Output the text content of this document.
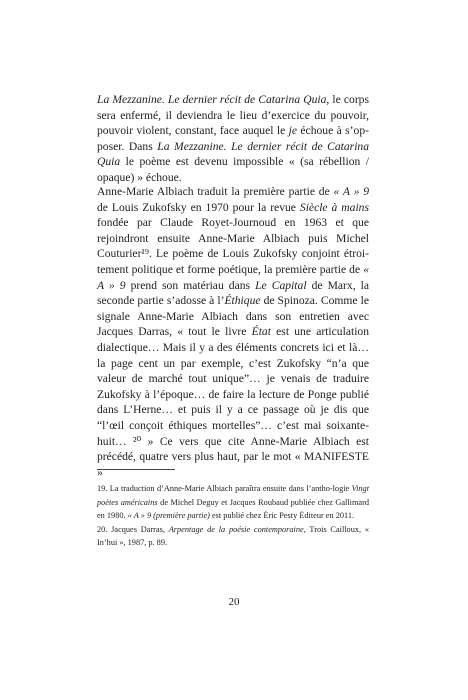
La Mezzanine. Le dernier récit de Catarina Quia, le corps sera enfermé, il deviendra le lieu d’exercice du pouvoir, pouvoir violent, constant, face auquel le je échoue à s’op-poser. Dans La Mezzanine. Le dernier récit de Catarina Quia le poème est devenu impossible « (sa rébellion / opaque) » échoue.
Anne-Marie Albiach traduit la première partie de « A » 9 de Louis Zukofsky en 1970 pour la revue Siècle à mains fondée par Claude Royet-Journoud en 1963 et que rejoindront ensuite Anne-Marie Albiach puis Michel Couturier¹⁹. Le poème de Louis Zukofsky conjoint étroi-tement politique et forme poétique, la première partie de « A » 9 prend son matériau dans Le Capital de Marx, la seconde partie s’adosse à l’Éthique de Spinoza. Comme le signale Anne-Marie Albiach dans son entretien avec Jacques Darras, « tout le livre État est une articulation dialectique… Mais il y a des éléments concrets ici et là… la page cent un par exemple, c’est Zukofsky “n’a que valeur de marché tout unique”… je venais de traduire Zukofsky à l’époque… de faire la lecture de Ponge publié dans L’Herne… et puis il y a ce passage où je dis que “l’œil conçoit éthiques mortelles”… c’est mai soixante-huit… ²⁰ » Ce vers que cite Anne-Marie Albiach est précédé, quatre vers plus haut, par le mot « MANIFESTE »

19. La traduction d’Anne-Marie Albiach paraîtra ensuite dans l’antho-logie Vingt poètes américains de Michel Deguy et Jacques Roubaud publiée chez Gallimard en 1980. « A » 9 (première partie) est publié chez Éric Pesty Éditeur en 2011.

20. Jacques Darras, Arpentage de la poésie contemporaine, Trois Cailloux, « In’hui », 1987, p. 89.

20
